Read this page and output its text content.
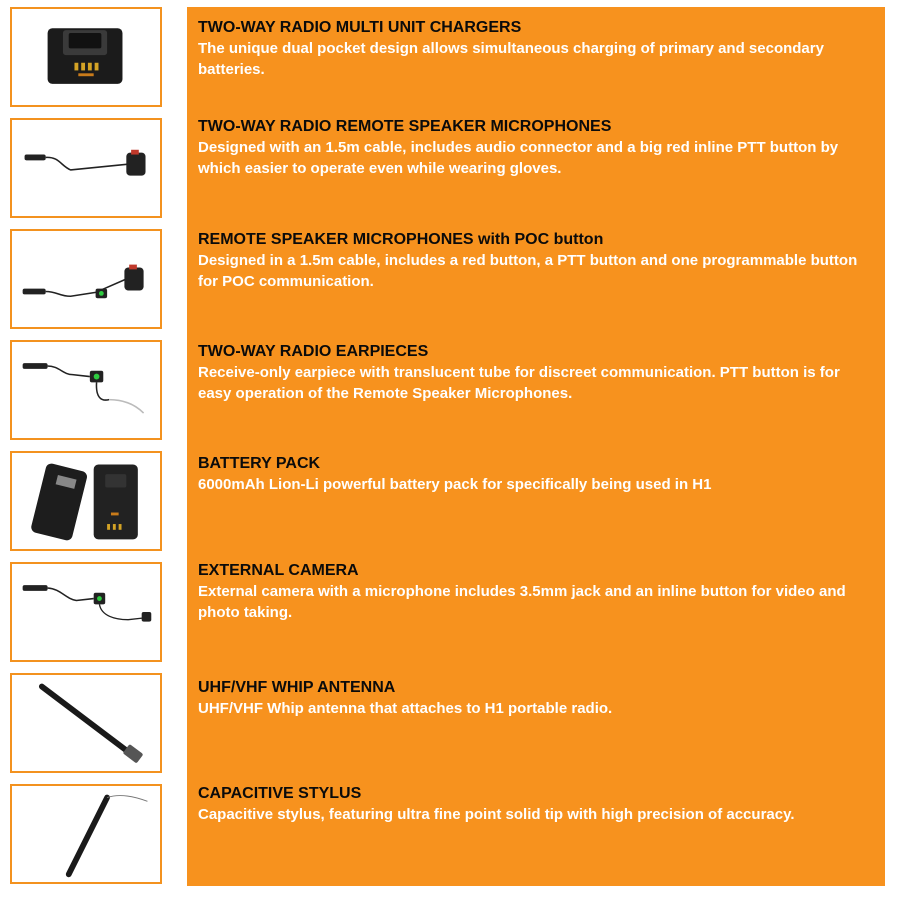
TWO-WAY RADIO MULTI UNIT CHARGERS

The unique dual pocket design allows simultaneous charging of primary and secondary batteries.

TWO-WAY RADIO REMOTE SPEAKER MICROPHONES

Designed with an 1.5m cable, includes audio connector and a big red inline PTT button by which easier to operate even while wearing gloves.

REMOTE SPEAKER MICROPHONES with POC button

Designed in a 1.5m cable, includes a red button, a PTT button and one programmable button for POC communication.

TWO-WAY RADIO EARPIECES

Receive-only earpiece with translucent tube for discreet communication. PTT button is for easy operation of the Remote Speaker Microphones.

BATTERY PACK

6000mAh Lion-Li powerful battery pack for specifically being used in H1

EXTERNAL CAMERA

External camera with a microphone includes 3.5mm jack and an inline button for video and photo taking.

UHF/VHF WHIP ANTENNA

UHF/VHF Whip antenna that attaches to H1 portable radio.

CAPACITIVE STYLUS

Capacitive stylus, featuring ultra fine point solid tip with high precision of accuracy.
